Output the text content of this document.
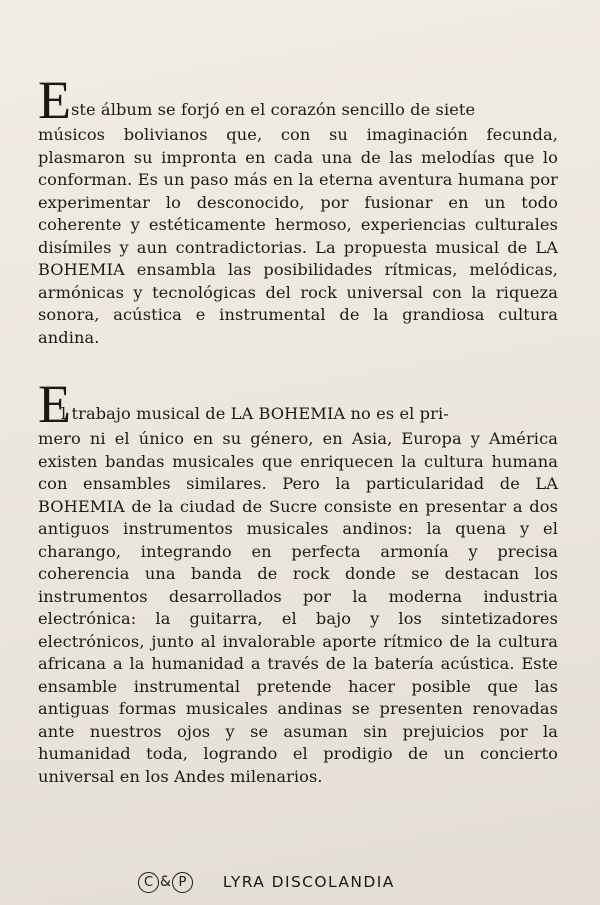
E ste álbum se forjó en el corazón sencillo de siete
músicos bolivianos que, con su imaginación fecunda, plasmaron su impronta en cada una de las melodías que lo conforman. Es un paso más en la eterna aventura humana por experimentar lo desconocido, por fusionar en un todo coherente y estéticamente hermoso, experiencias culturales disímiles y aun contradictorias. La propuesta musical de LA BOHEMIA ensambla las posibilidades rítmicas, melódicas, armónicas y tecnológicas del rock universal con la riqueza sonora, acústica e instrumental de la grandiosa cultura andina.
E
l trabajo musical de LA BOHEMIA no es el pri-
mero ni el único en su género, en Asia, Europa y América existen bandas musicales que enriquecen la cultura humana con ensambles similares. Pero la particularidad de LA BOHEMIA de la ciudad de Sucre consiste en presentar a dos antiguos instrumentos musicales andinos: la quena y el charango, integrando en perfecta armonía y precisa coherencia una banda de rock donde se destacan los instrumentos desarrollados por la moderna industria electrónica: la guitarra, el bajo y los sintetizadores electrónicos, junto al invalorable aporte rítmico de la cultura africana a la humanidad a través de la batería acústica. Este ensamble instrumental pretende hacer posible que las antiguas formas musicales andinas se presenten renovadas ante nuestros ojos y se asuman sin prejuicios por la humanidad toda, logrando el prodigio de un concierto universal en los Andes milenarios.
C & P	LYRA DISCOLANDIA
